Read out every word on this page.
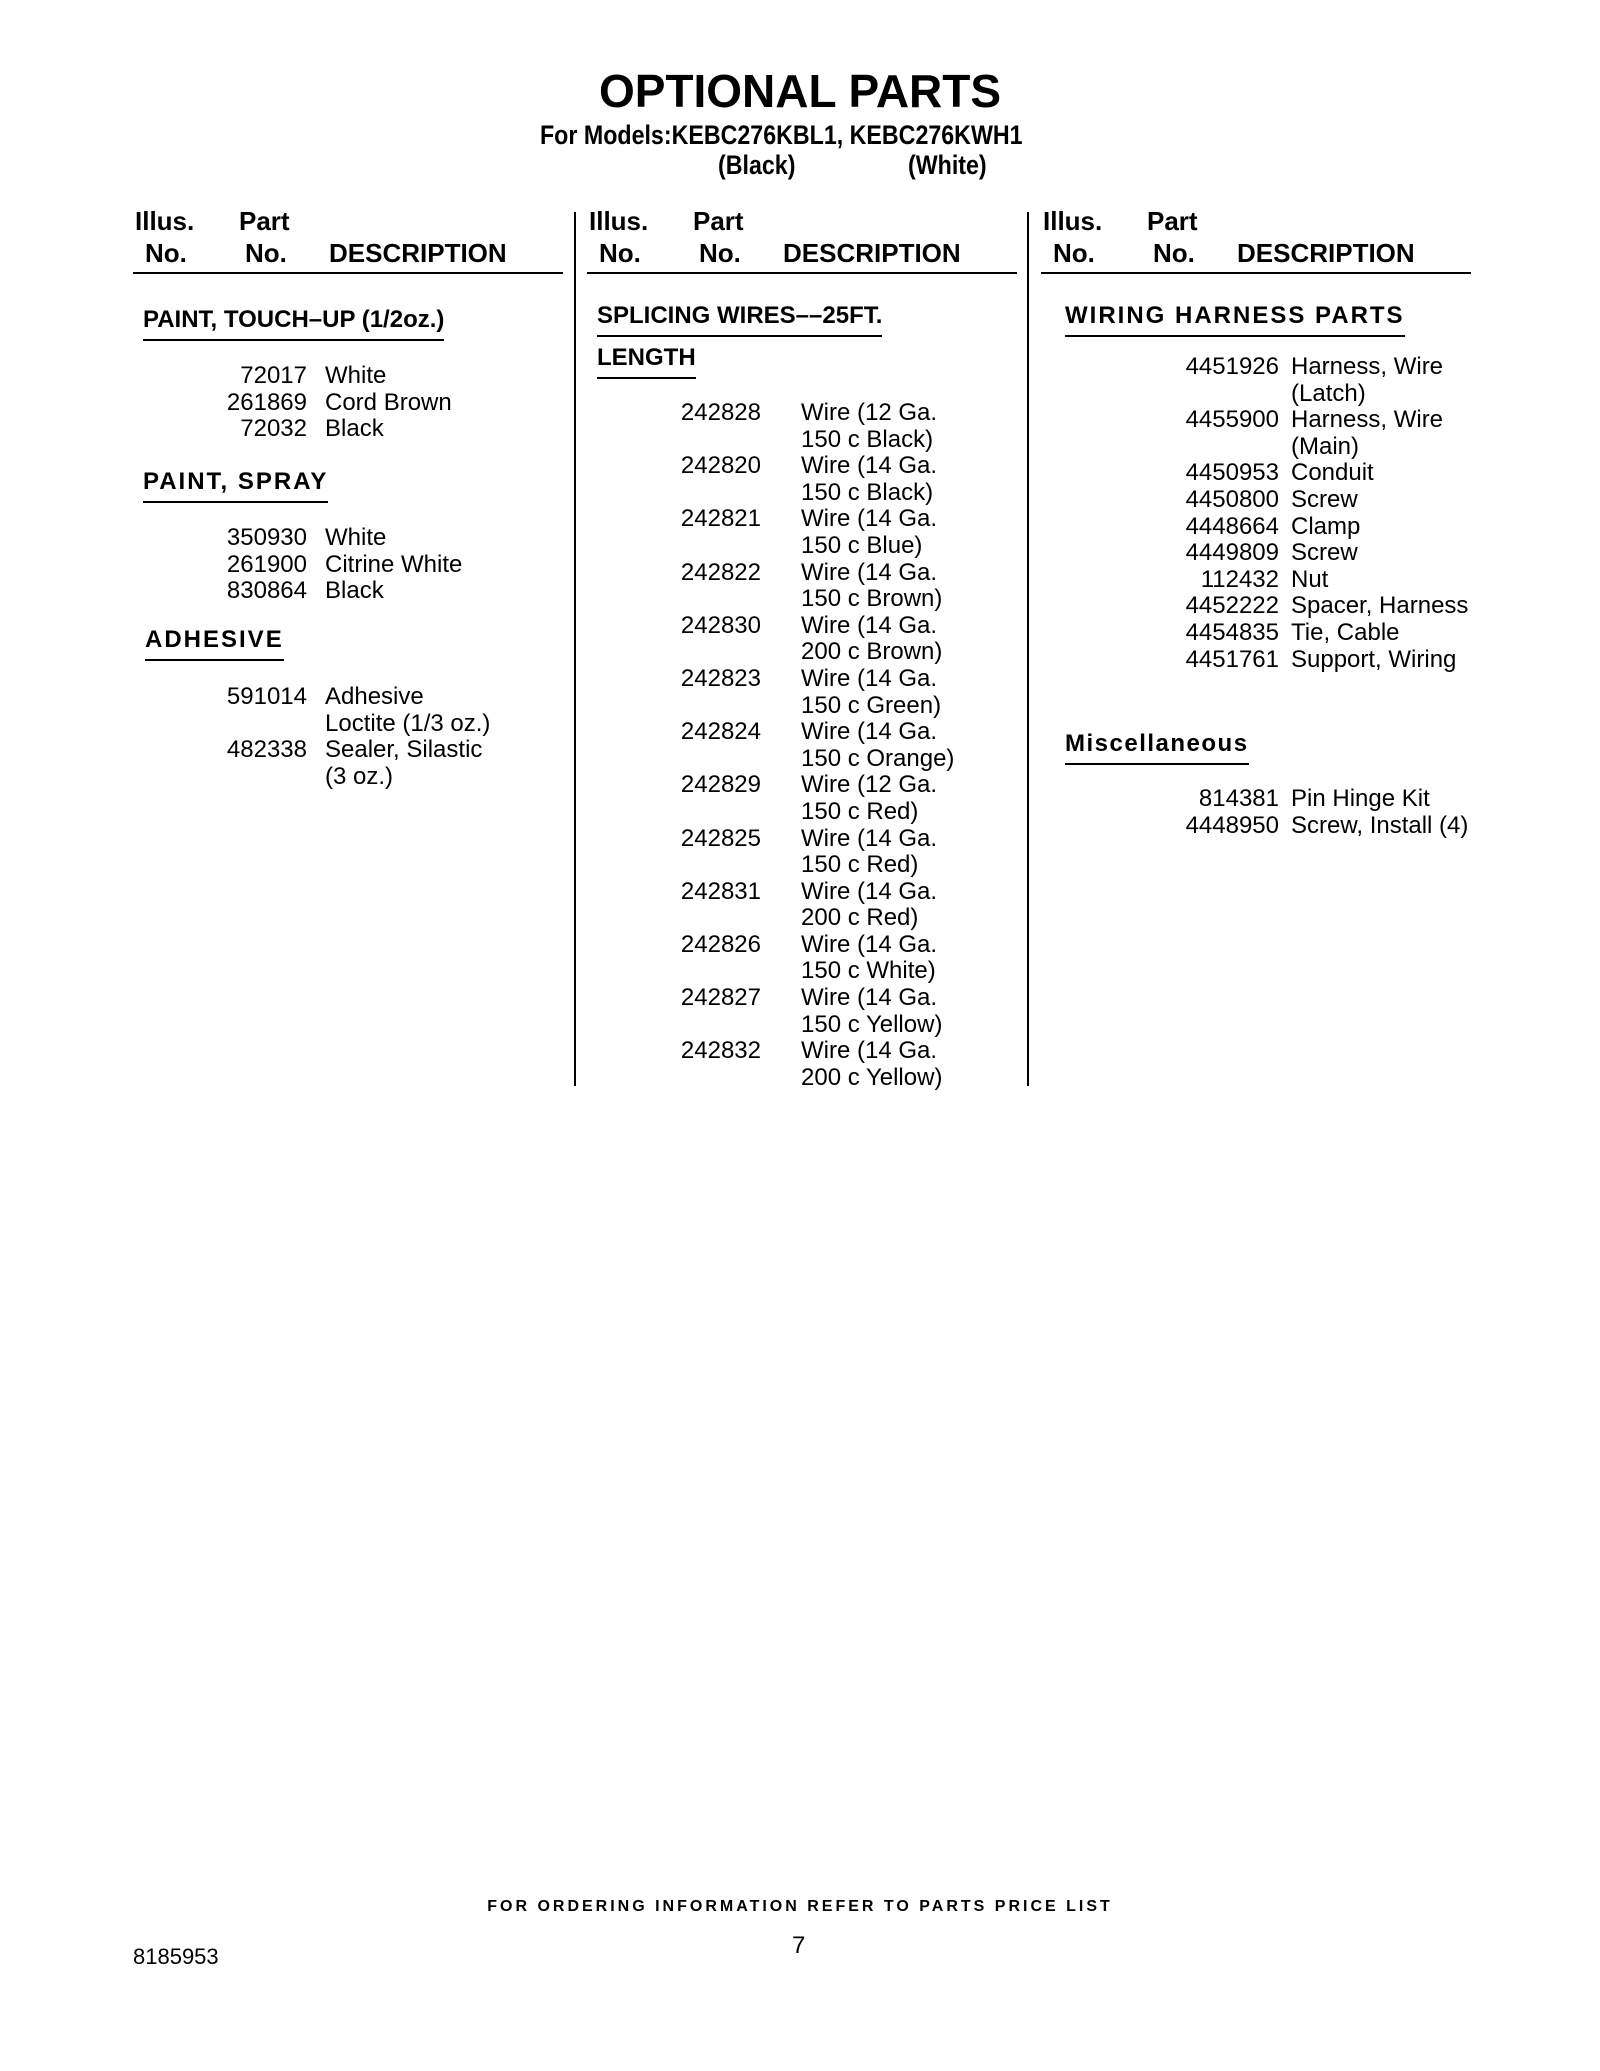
OPTIONAL PARTS
For Models:KEBC276KBL1, KEBC276KWH1
(Black)	(White)
Illus. Part
No. No. DESCRIPTION
PAINT, TOUCH–UP (1/2oz.)
72017 White
261869 Cord Brown
72032 Black
PAINT, SPRAY
350930 White
261900 Citrine White
830864 Black
ADHESIVE
591014 Adhesive
Loctite (1/3 oz.)
482338 Sealer, Silastic
(3 oz.)
Illus. Part
No. No. DESCRIPTION
SPLICING WIRES––25FT.
LENGTH
242828 Wire (12 Ga.
150 c Black)
242820 Wire (14 Ga.
150 c Black)
242821 Wire (14 Ga.
150 c Blue)
242822 Wire (14 Ga.
150 c Brown)
242830 Wire (14 Ga.
200 c Brown)
242823 Wire (14 Ga.
150 c Green)
242824 Wire (14 Ga.
150 c Orange)
242829 Wire (12 Ga.
150 c Red)
242825 Wire (14 Ga.
150 c Red)
242831 Wire (14 Ga.
200 c Red)
242826 Wire (14 Ga.
150 c White)
242827 Wire (14 Ga.
150 c Yellow)
242832 Wire (14 Ga.
200 c Yellow)
Illus. Part
No. No. DESCRIPTION
WIRING HARNESS PARTS
4451926 Harness, Wire
(Latch)
4455900 Harness, Wire
(Main)
4450953 Conduit
4450800 Screw
4448664 Clamp
4449809 Screw
112432 Nut
4452222 Spacer, Harness
4454835 Tie, Cable
4451761 Support, Wiring
Miscellaneous
814381 Pin Hinge Kit
4448950 Screw, Install (4)
FOR ORDERING INFORMATION REFER TO PARTS PRICE LIST
8185953	7
